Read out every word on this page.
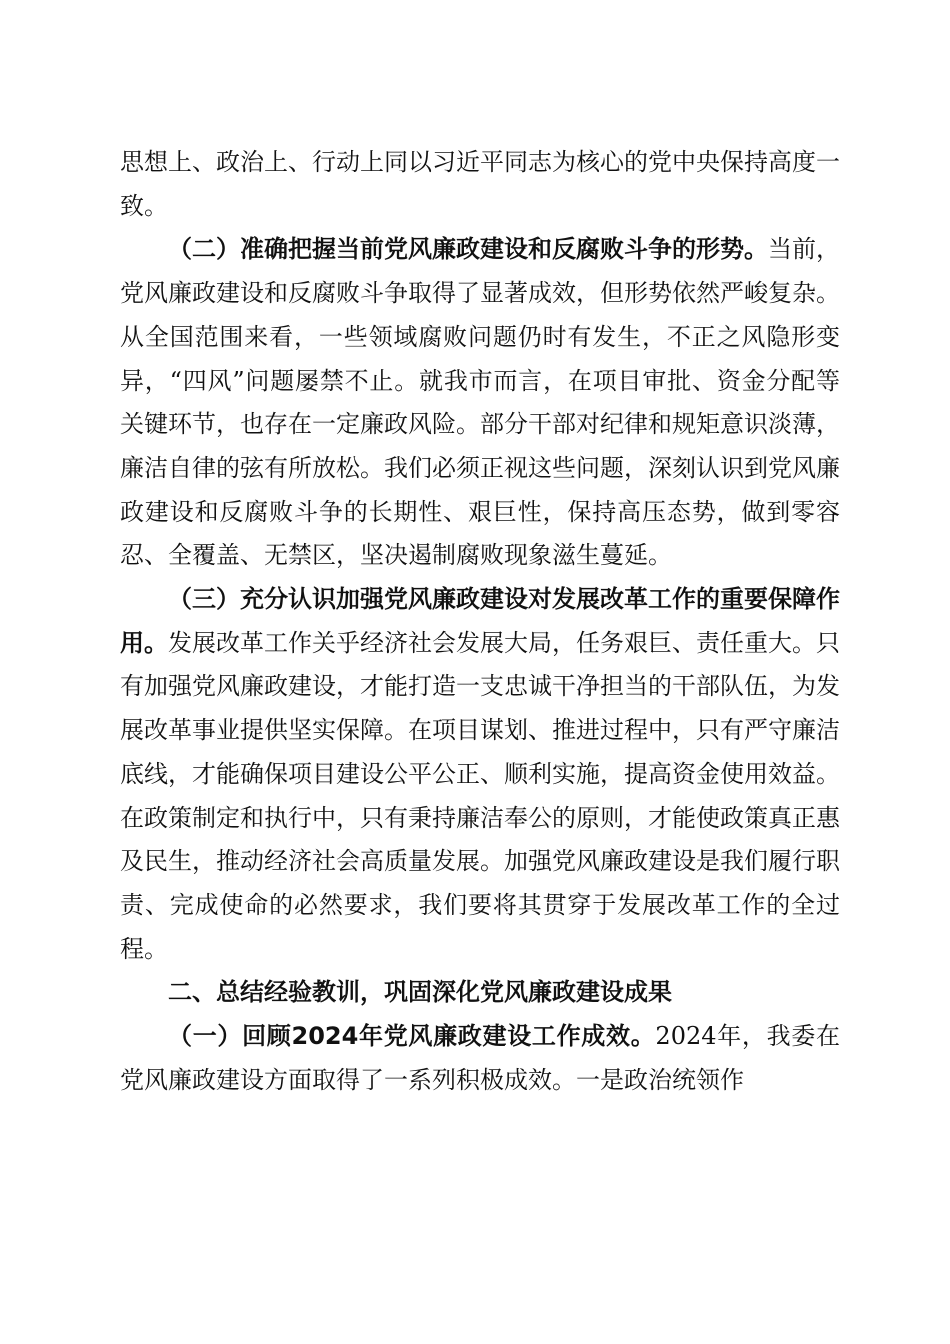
思想上、政治上、行动上同以习近平同志为核心的党中央保持高度一致。

（二）准确把握当前党风廉政建设和反腐败斗争的形势。当前，党风廉政建设和反腐败斗争取得了显著成效，但形势依然严峻复杂。从全国范围来看，一些领域腐败问题仍时有发生，不正之风隐形变异，“四风”问题屡禁不止。就我市而言，在项目审批、资金分配等关键环节，也存在一定廉政风险。部分干部对纪律和规矩意识淡薄，廉洁自律的弦有所放松。我们必须正视这些问题，深刻认识到党风廉政建设和反腐败斗争的长期性、艰巨性，保持高压态势，做到零容忍、全覆盖、无禁区，坚决遏制腐败现象滋生蔓延。

（三）充分认识加强党风廉政建设对发展改革工作的重要保障作用。发展改革工作关乎经济社会发展大局，任务艰巨、责任重大。只有加强党风廉政建设，才能打造一支忠诚干净担当的干部队伍，为发展改革事业提供坚实保障。在项目谋划、推进过程中，只有严守廉洁底线，才能确保项目建设公平公正、顺利实施，提高资金使用效益。在政策制定和执行中，只有秉持廉洁奉公的原则，才能使政策真正惠及民生，推动经济社会高质量发展。加强党风廉政建设是我们履行职责、完成使命的必然要求，我们要将其贯穿于发展改革工作的全过程。

二、总结经验教训，巩固深化党风廉政建设成果

（一）回顾2024年党风廉政建设工作成效。2024年，我委在党风廉政建设方面取得了一系列积极成效。一是政治统领作
